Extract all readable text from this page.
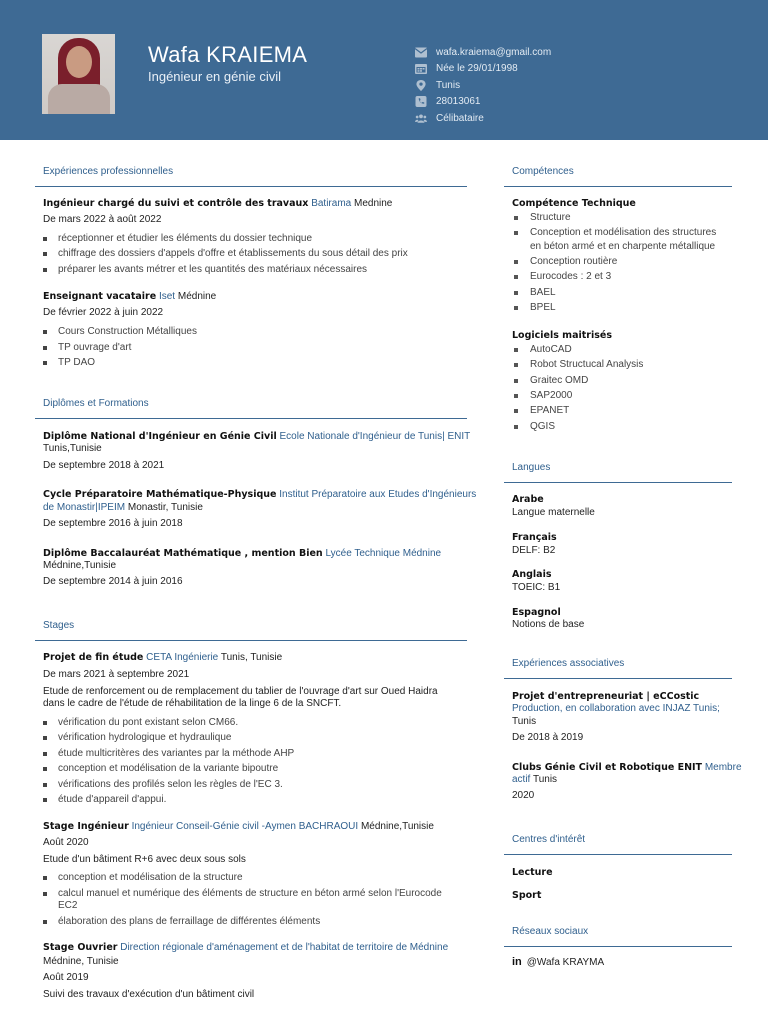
Wafa KRAIEMA
Ingénieur en génie civil
wafa.kraiema@gmail.com
Née le 29/01/1998
Tunis
28013061
Célibataire
Expériences professionnelles
Ingénieur chargé du suivi et contrôle des travaux Batirama Mednine
De mars 2022 à août 2022
réceptionner et étudier les éléments du dossier technique
chiffrage des dossiers d'appels d'offre et établissements du sous détail des prix
préparer les avants métrer et les quantités des matériaux nécessaires
Enseignant vacataire Iset Médnine
De février 2022 à juin 2022
Cours Construction Métalliques
TP ouvrage d'art
TP DAO
Diplômes et Formations
Diplôme National d'Ingénieur en Génie Civil Ecole Nationale d'Ingénieur de Tunis| ENIT
Tunis,Tunisie
De septembre 2018 à 2021
Cycle Préparatoire Mathématique-Physique Institut Préparatoire aux Etudes d'Ingénieurs
de Monastir|IPEIM Monastir, Tunisie
De septembre 2016 à juin 2018
Diplôme Baccalauréat Mathématique , mention Bien Lycée Technique Médnine
Médnine,Tunisie
De septembre 2014 à juin 2016
Stages
Projet de fin étude CETA Ingénierie Tunis, Tunisie
De mars 2021 à septembre 2021
Etude de renforcement ou de remplacement du tablier de l'ouvrage d'art sur Oued Haidra
dans le cadre de l'étude de réhabilitation de la linge 6 de la SNCFT.
vérification du pont existant selon CM66.
vérification hydrologique et hydraulique
étude multicritères des variantes par la méthode AHP
conception et modélisation de la variante bipoutre
vérifications des profilés selon les règles de l'EC 3.
étude d'appareil d'appui.
Stage Ingénieur Ingénieur Conseil-Génie civil -Aymen BACHRAOUI Médnine,Tunisie
Août 2020
Etude d'un bâtiment R+6 avec deux sous sols
conception et modélisation de la structure
calcul manuel et numérique des éléments de structure en béton armé selon l'Eurocode
EC2
élaboration des plans de ferraillage de différentes éléments
Stage Ouvrier Direction régionale d'aménagement et de l'habitat de territoire de Médnine
Médnine, Tunisie
Août 2019
Suivi des travaux d'exécution d'un bâtiment civil
Compétences
Compétence Technique
Structure
Conception et modélisation des structures
en béton armé et en charpente métallique
Conception routière
Eurocodes : 2 et 3
BAEL
BPEL
Logiciels maitrisés
AutoCAD
Robot Structucal Analysis
Graitec OMD
SAP2000
EPANET
QGIS
Langues
Arabe
Langue maternelle
Français
DELF: B2
Anglais
TOEIC: B1
Espagnol
Notions de base
Expériences associatives
Projet d'entrepreneuriat | eCCostic
Production, en collaboration avec INJAZ Tunis;
Tunis
De 2018 à 2019
Clubs Génie Civil et Robotique ENIT Membre
actif Tunis
2020
Centres d'intérêt
Lecture
Sport
Réseaux sociaux
in @Wafa KRAYMA
